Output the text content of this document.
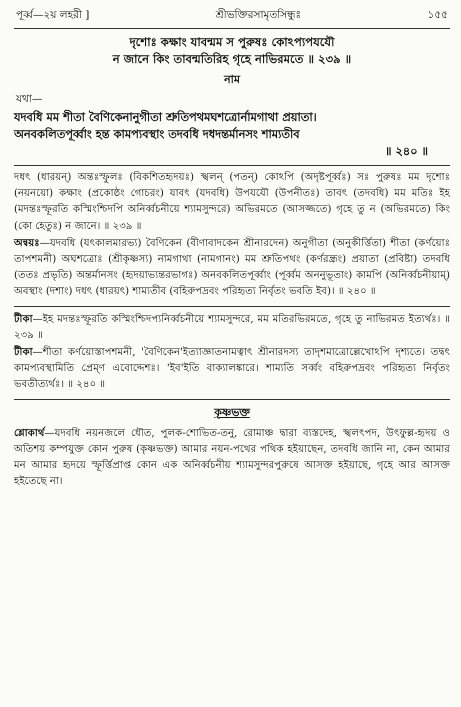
পূর্ব্ব—২য় লহরী ]	শ্রীভক্তিরসামৃতসিন্ধুঃ	১৫৫
দৃশোঃ কক্ষাং যাবন্মম স পুরুষঃ কোঽপ্যপযযৌ
ন জানে কিং তাবন্মতিরিহ গৃহে নাভিরমতে ॥ ২৩৯ ॥
নাম
যথা—
যদবধি মম শীতা বৈণিকেনানুগীতা শ্রুতিপথমঘশত্রোর্নামগাথা প্রয়াতা।
অনবকলিতপূর্ব্বাং হন্ত কামপ্যবস্থাং তদবধি দধদন্তর্মানসং শাম্যতীব
॥ ২৪০ ॥
দধৎ (ধারয়ন্) অন্তঃস্ফুলঃ (বিকশিতহৃদয়ঃ) স্খলন্ (পতন্) কোঽপি (অদৃষ্টপূর্ব্বঃ) সঃ পুরুষঃ মম দৃশোঃ (নয়নয়ো) কক্ষাং (প্রকোষ্ঠং গোচরং) যাবৎ (যদবধি) উপযযৌ (উপনীতঃ) তাবৎ (তদবধি) মম মতিঃ ইহ (মদন্তঃস্ফূরতি কস্মিংশ্চিদপি অনির্ব্বচনীয়ে শ্যামসুন্দরে) অভিরমতে (আসজ্জতে) গৃহে তু ন (অভিরমতে) কিং (কো হেতুঃ) ন জানে। ॥ ২৩৯ ॥
অন্বয়ঃ—যদবধি (যৎকালমারভ্য) বৈণিকেন (বীণাবাদকেন শ্রীনারদেন) অনুগীতা (অনুকীর্ত্তিতা) শীতা (কর্ণয়োঃ তাপশমনী) অঘশত্রোঃ (শ্রীকৃষ্ণস্য) নামগাথা (নামগানং) মম শ্রুতিপথং (কর্ণরন্ধ্রং) প্রয়াতা (প্রবিষ্টা) তদবধি (ততঃ প্রভৃতি) অন্তর্মানসং (হৃদয়াভ্যন্তরভাগঃ) অনবকলিতপূর্ব্বাং (পূর্ব্বম অননুভূতাং) কামপি (অনির্ব্বচনীয়াম্) অবস্থাং (দশাং) দধৎ (ধারয়ৎ) শাম্যতীব (বহিরুপদ্রবং পরিহৃত্য নির্বৃতং ভবতি ইব)। ॥ ২৪০ ॥
টীকা—ইহ মদন্তঃস্ফূরতি কস্মিংশ্চিদপ্যনির্ব্বচনীয়ে শ্যামসুন্দরে, মম মতিরভিরমতে, গৃহে তু নাভিরমত ইত্যর্থঃ। ॥ ২৩৯ ॥
টীকা—শীতা কর্ণয়োস্তাপশমনী, 'বৈণিকেন'ইত্যাজ্ঞাতনামত্বাৎ শ্রীনারদস্য তাদৃশমাত্রোল্লেখোঽপি দৃশ্যতে। তদ্বৎ কামপ্যবস্থামিতি প্রেম্ণ এবোদ্দেশঃ। 'ইব'ইতি বাক্যালঙ্কারে। শাম্যতি সর্ব্বং বহিরুপদ্রবং পরিহৃত্য নির্বৃতং ভবতীত্যর্থঃ। ॥ ২৪০ ॥
কৃষ্ণভক্ত
শ্লোকার্থ—যদবধি নয়নজলে ধৌত, পুলক-শোভিত-তনু, রোমাঞ্চ দ্বারা ব্যস্তদেহ, স্খলৎপদ, উৎফুল্ল-হৃদয় ও অতিশয় কম্পযুক্ত কোন পুরুষ (কৃষ্ণভক্ত) আমার নয়ন-পথের পথিক হইয়াছেন, তদবধি জানি না, কেন আমার মন আমার হৃদয়ে স্ফূর্ত্তিপ্রাপ্ত কোন এক অনির্ব্বচনীয় শ্যামসুন্দরপুরুষে আসক্ত হইয়াছে, গৃহে আর আসক্ত হইতেছে না।
